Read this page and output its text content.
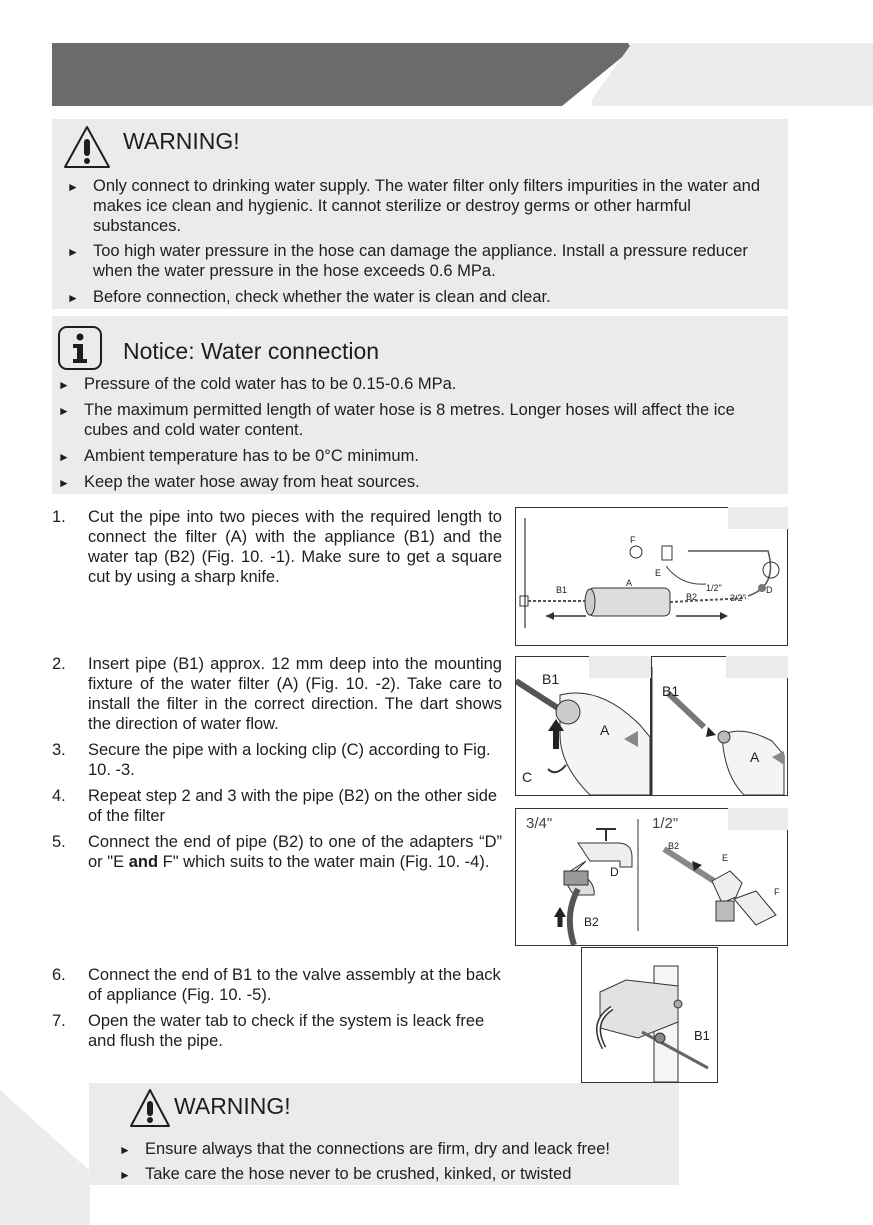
WARNING!
► Only connect to drinking water supply. The water filter only filters impurities in the water and makes ice clean and hygienic. It cannot sterilize or destroy germs or other harmful substances.
► Too high water pressure in the hose can damage the appliance. Install a pressure reducer when the water pressure in the hose exceeds 0.6 MPa.
► Before connection, check whether the water is clean and clear.
Notice: Water connection
► Pressure of the cold water has to be 0.15-0.6 MPa.
► The maximum permitted length of water hose is 8 metres. Longer hoses will affect the ice cubes and cold water content.
► Ambient temperature has to be 0°C minimum.
► Keep the water hose away from heat sources.
1. Cut the pipe into two pieces with the required length to connect the filter (A) with the appliance (B1) and the water tap (B2) (Fig. 10. -1). Make sure to get a square cut by using a sharp knife.
2. Insert pipe (B1) approx. 12 mm deep into the mounting fixture of the water filter (A) (Fig. 10. -2). Take care to install the filter in the correct direction. The dart shows the direction of water flow.
3. Secure the pipe with a locking clip (C) according to Fig. 10. -3.
4. Repeat step 2 and 3 with the pipe (B2) on the other side of the filter
5. Connect the end of pipe (B2) to one of the adapters “D” or "E and F" which suits to the water main (Fig. 10. -4).
6. Connect the end of B1 to the valve assembly at the back of appliance (Fig. 10. -5).
7. Open the water tab to check if the system is leack free and flush the pipe.
F
E
B1
A
B2
1/2"
3/2"
D
B1
A
C
B1
A
3/4"	1/2"
D
B2
B2
E
F
B1
WARNING!
► Ensure always that the connections are firm, dry and leack free!
► Take care the hose never to be crushed, kinked, or twisted
